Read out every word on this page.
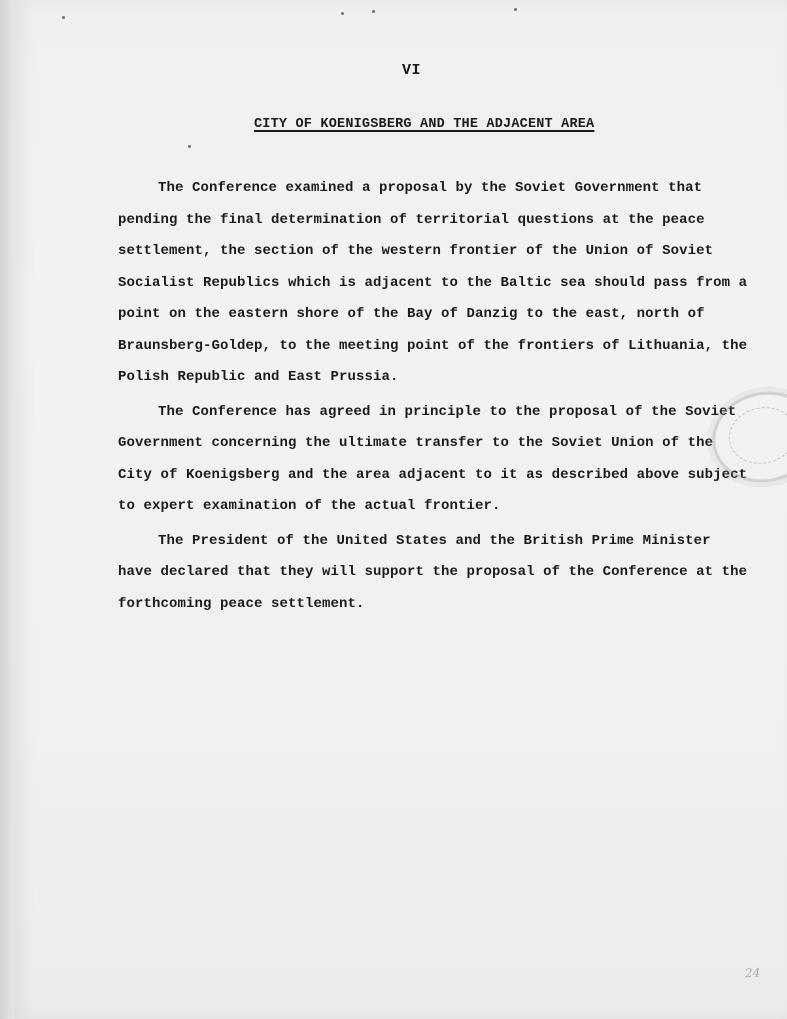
VI
CITY OF KOENIGSBERG AND THE ADJACENT AREA

The Conference examined a proposal by the Soviet Government that pending the final determination of territorial questions at the peace settlement, the section of the western frontier of the Union of Soviet Socialist Republics which is adjacent to the Baltic sea should pass from a point on the eastern shore of the Bay of Danzig to the east, north of Braunsberg-Goldep, to the meeting point of the frontiers of Lithuania, the Polish Republic and East Prussia.

The Conference has agreed in principle to the proposal of the Soviet Government concerning the ultimate transfer to the Soviet Union of the City of Koenigsberg and the area adjacent to it as described above subject to expert examination of the actual frontier.

The President of the United States and the British Prime Minister have declared that they will support the proposal of the Conference at the forthcoming peace settlement.

24
